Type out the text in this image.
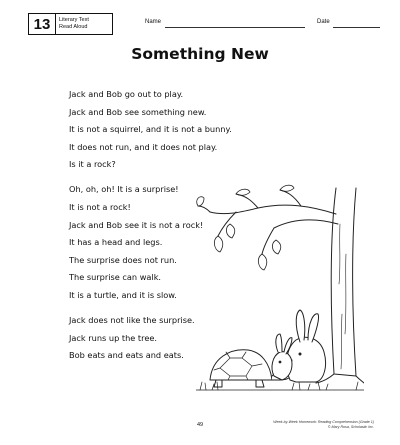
13	Literary Text
Read Aloud
Name	Date
Something New

Jack and Bob go out to play.

Jack and Bob see something new.

It is not a squirrel, and it is not a bunny.

It does not run, and it does not play.

Is it a rock?

Oh, oh, oh! It is a surprise!

It is not a rock!

Jack and Bob see it is not a rock!

It has a head and legs.

The surprise does not run.

The surprise can walk.

It is a turtle, and it is slow.

Jack does not like the surprise.

Jack runs up the tree.

Bob eats and eats and eats.

49	Week-by-Week Homework: Reading Comprehension (Grade 1)
© Mary Rosa, Scholastic Inc.
